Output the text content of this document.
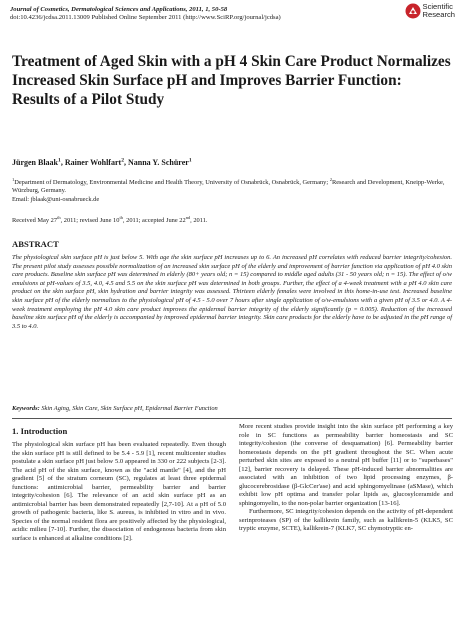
Journal of Cosmetics, Dermatological Sciences and Applications, 2011, 1, 50-58
doi:10.4236/jcdsa.2011.13009 Published Online September 2011 (http://www.SciRP.org/journal/jcdsa)
Scientific
Research
Treatment of Aged Skin with a pH 4 Skin Care Product Normalizes Increased Skin Surface pH and Improves Barrier Function: Results of a Pilot Study
Jürgen Blaak$^1$, Rainer Wohlfart$^2$, Nanna Y. Schürer$^1$
$^1$Department of Dermatology, Environmental Medicine and Health Theory, University of Osnabrück, Osnabrück, Germany; $^2$Research and Development, Kneipp-Werke, Würzburg, Germany.
Email: jblaak@uni-osnabrueck.de
Received May 27th, 2011; revised June 10th, 2011; accepted June 22nd, 2011.
ABSTRACT
The physiological skin surface pH is just below 5. With age the skin surface pH increases up to 6. An increased pH correlates with reduced barrier integrity/cohesion. The present pilot study assesses possible normalization of an increased skin surface pH of the elderly and improvement of barrier function via application of pH 4.0 skin care products. Baseline skin surface pH was determined in elderly (80+ years old; n = 15) compared to middle aged adults (31 - 50 years old; n = 15). The effect of o/w emulsions at pH-values of 3.5, 4.0, 4.5 and 5.5 on the skin surface pH was determined in both groups. Further, the effect of a 4-week treatment with a pH 4.0 skin care product on the skin surface pH, skin hydration and barrier integrity was assessed. Thirteen elderly females were involved in this home-in-use test. Increased baseline skin surface pH of the elderly normalizes to the physiological pH of 4.5 - 5.0 over 7 hours after single application of o/w-emulsions with a given pH of 3.5 or 4.0. A 4-week treatment employing the pH 4.0 skin care product improves the epidermal barrier integrity of the elderly significantly (p = 0.005). Reduction of the increased baseline skin surface pH of the elderly is accompanied by improved epidermal barrier integrity. Skin care products for the elderly have to be adjusted in the pH range of 3.5 to 4.0.
Keywords: Skin Aging, Skin Care, Skin Surface pH, Epidermal Barrier Function
1. Introduction

The physiological skin surface pH has been evaluated repeatedly. Even though the skin surface pH is still defined to be 5.4 - 5.9 [1], recent multicenter studies postulate a skin surface pH just below 5.0 appeared in 330 or 222 subjects [2-3]. The acid pH of the skin surface, known as the "acid mantle" [4], and the pH gradient [5] of the stratum corneum (SC), regulates at least three epidermal functions: antimicrobial barrier, permeability barrier and barrier integrity/cohesion [6]. The relevance of an acid skin surface pH as an antimicrobial barrier has been demonstrated repeatedly [2,7-10]. At a pH of 5.0 growth of pathogenic bacteria, like S. aureus, is inhibited in vitro and in vivo. Species of the normal resident flora are positively affected by the physiological, acidic milieu [7-10]. Further, the dissociation of endogenous bacteria from skin surface is enhanced at alkaline conditions [2].

More recent studies provide insight into the skin surface pH performing a key role in SC functions as permeability barrier homeostasis and SC integrity/cohesion (the converse of desquamation) [6]. Permeability barrier homeostasis depends on the pH gradient throughout the SC. When acute perturbed skin sites are exposed to a neutral pH buffer [11] or to "superbases" [12], barrier recovery is delayed. These pH-induced barrier abnormalities are associated with an inhibition of two lipid processing enzymes, β-glucocerebrosidase (β-GlcCer'ase) and acid sphingomyelinase (aSMase), which exhibit low pH optima and transfer polar lipids as, glucosylceramide and sphingomyelin, to the non-polar barrier organization [13-16].

Furthermore, SC integrity/cohesion depends on the activity of pH-dependent serinproteases (SP) of the kallikrein family, such as kallikrein-5 (KLK5, SC tryptic enzyme, SCTE), kallikrein-7 (KLK7, SC chymotryptic en-
